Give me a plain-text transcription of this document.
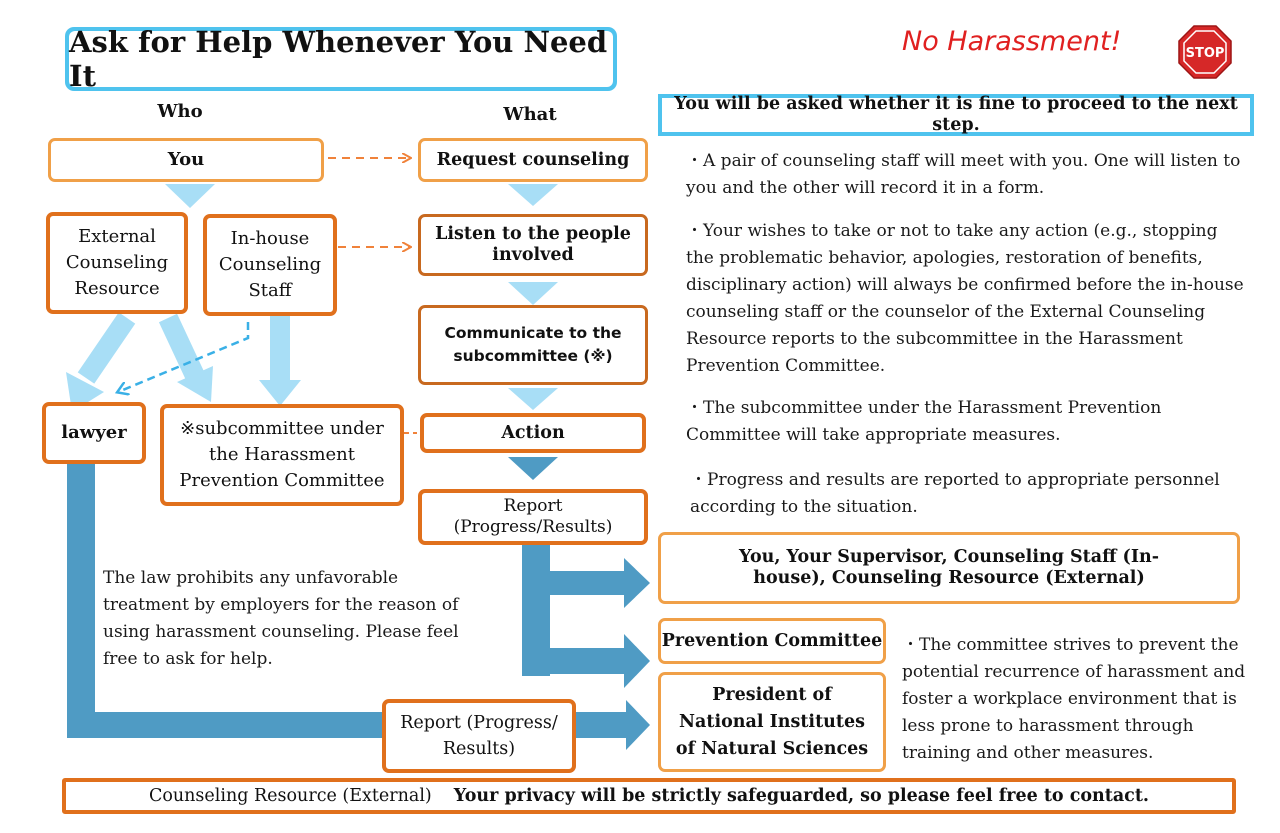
Ask for Help Whenever You Need It
No Harassment!	STOP
Who	What	You will be asked whether it is fine to proceed to the next step.
You
External Counseling Resource
In-house Counseling Staff
lawyer	※subcommittee under the Harassment Prevention Committee
Request counseling
Listen to the people involved
Communicate to the subcommittee (※)
Action
Report (Progress/Results)
・A pair of counseling staff will meet with you. One will listen to you and the other will record it in a form.
・Your wishes to take or not to take any action (e.g., stopping the problematic behavior, apologies, restoration of benefits, disciplinary action) will always be confirmed before the in-house counseling staff or the counselor of the External Counseling Resource reports to the subcommittee in the Harassment Prevention Committee.
・The subcommittee under the Harassment Prevention Committee will take appropriate measures.
・Progress and results are reported to appropriate personnel according to the situation.
You, Your Supervisor, Counseling Staff (In-house), Counseling Resource (External)
Prevention Committee
President of National Institutes of Natural Sciences
・The committee strives to prevent the potential recurrence of harassment and foster a workplace environment that is less prone to harassment through training and other measures.
The law prohibits any unfavorable treatment by employers for the reason of using harassment counseling. Please feel free to ask for help.
Report (Progress/ Results)
Counseling Resource (External) Your privacy will be strictly safeguarded, so please feel free to contact.
